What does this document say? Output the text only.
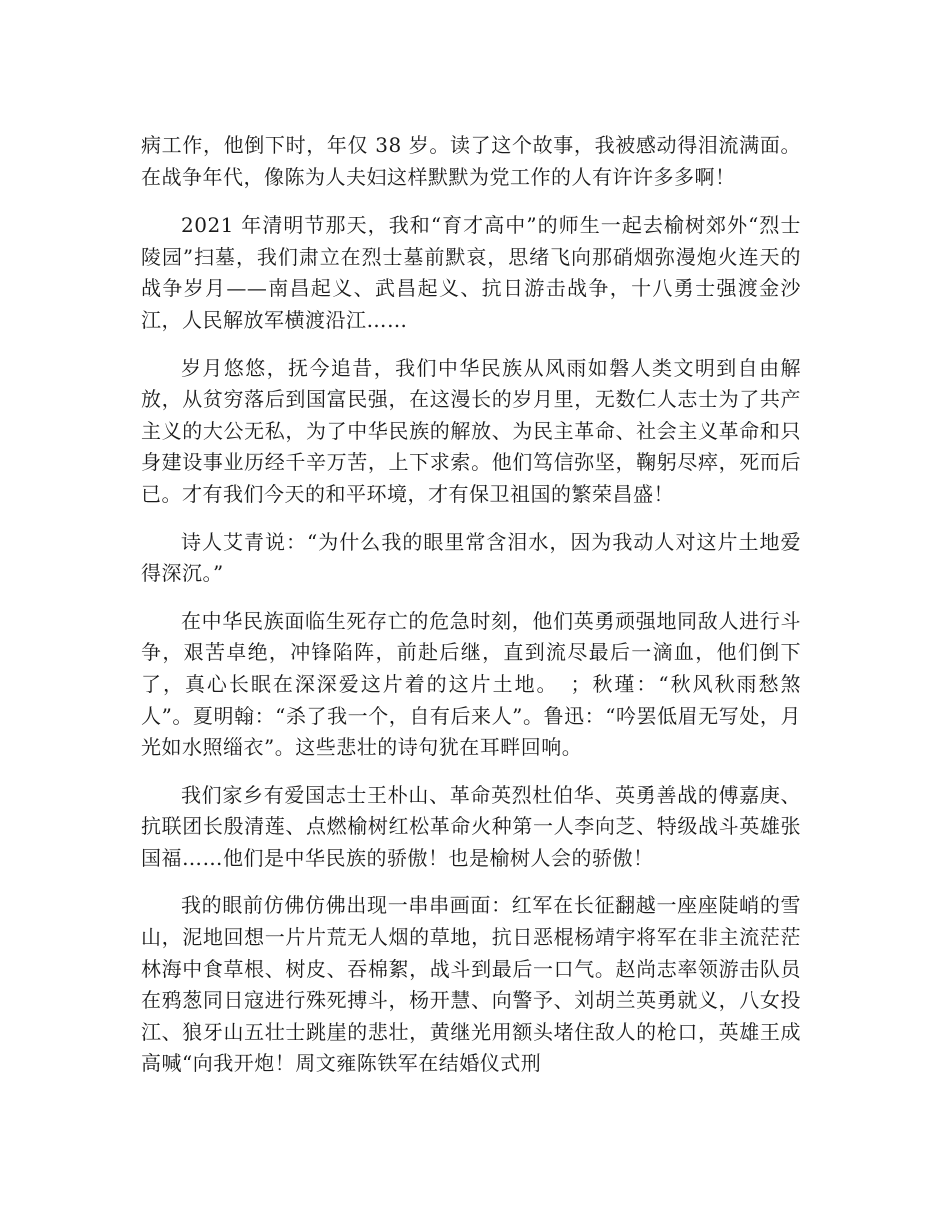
病工作，他倒下时，年仅 38 岁。读了这个故事，我被感动得泪流满面。在战争年代，像陈为人夫妇这样默默为党工作的人有许许多多啊！

2021 年清明节那天，我和“育才高中”的师生一起去榆树郊外“烈士陵园”扫墓，我们肃立在烈士墓前默哀，思绪飞向那硝烟弥漫炮火连天的战争岁月——南昌起义、武昌起义、抗日游击战争，十八勇士强渡金沙江，人民解放军横渡沿江……

岁月悠悠，抚今追昔，我们中华民族从风雨如磐人类文明到自由解放，从贫穷落后到国富民强，在这漫长的岁月里，无数仁人志士为了共产主义的大公无私，为了中华民族的解放、为民主革命、社会主义革命和只身建设事业历经千辛万苦，上下求索。他们笃信弥坚，鞠躬尽瘁，死而后已。才有我们今天的和平环境，才有保卫祖国的繁荣昌盛！

诗人艾青说：“为什么我的眼里常含泪水，因为我动人对这片土地爱得深沉。”

在中华民族面临生死存亡的危急时刻，他们英勇顽强地同敌人进行斗争，艰苦卓绝，冲锋陷阵，前赴后继，直到流尽最后一滴血，他们倒下了，真心长眠在深深爱这片着的这片土地。　；秋瑾：“秋风秋雨愁煞人”。夏明翰：“杀了我一个，自有后来人”。鲁迅：“吟罢低眉无写处，月光如水照缁衣”。这些悲壮的诗句犹在耳畔回响。

我们家乡有爱国志士王朴山、革命英烈杜伯华、英勇善战的傅嘉庚、抗联团长殷清莲、点燃榆树红松革命火种第一人李向芝、特级战斗英雄张国福……他们是中华民族的骄傲！也是榆树人会的骄傲！

我的眼前仿佛仿佛出现一串串画面：红军在长征翻越一座座陡峭的雪山，泥地回想一片片荒无人烟的草地，抗日恶棍杨靖宇将军在非主流茫茫林海中食草根、树皮、吞棉絮，战斗到最后一口气。赵尚志率领游击队员在鸦葱同日寇进行殊死搏斗，杨开慧、向警予、刘胡兰英勇就义，八女投江、狼牙山五壮士跳崖的悲壮，黄继光用额头堵住敌人的枪口，英雄王成高喊“向我开炮！周文雍陈铁军在结婚仪式刑
